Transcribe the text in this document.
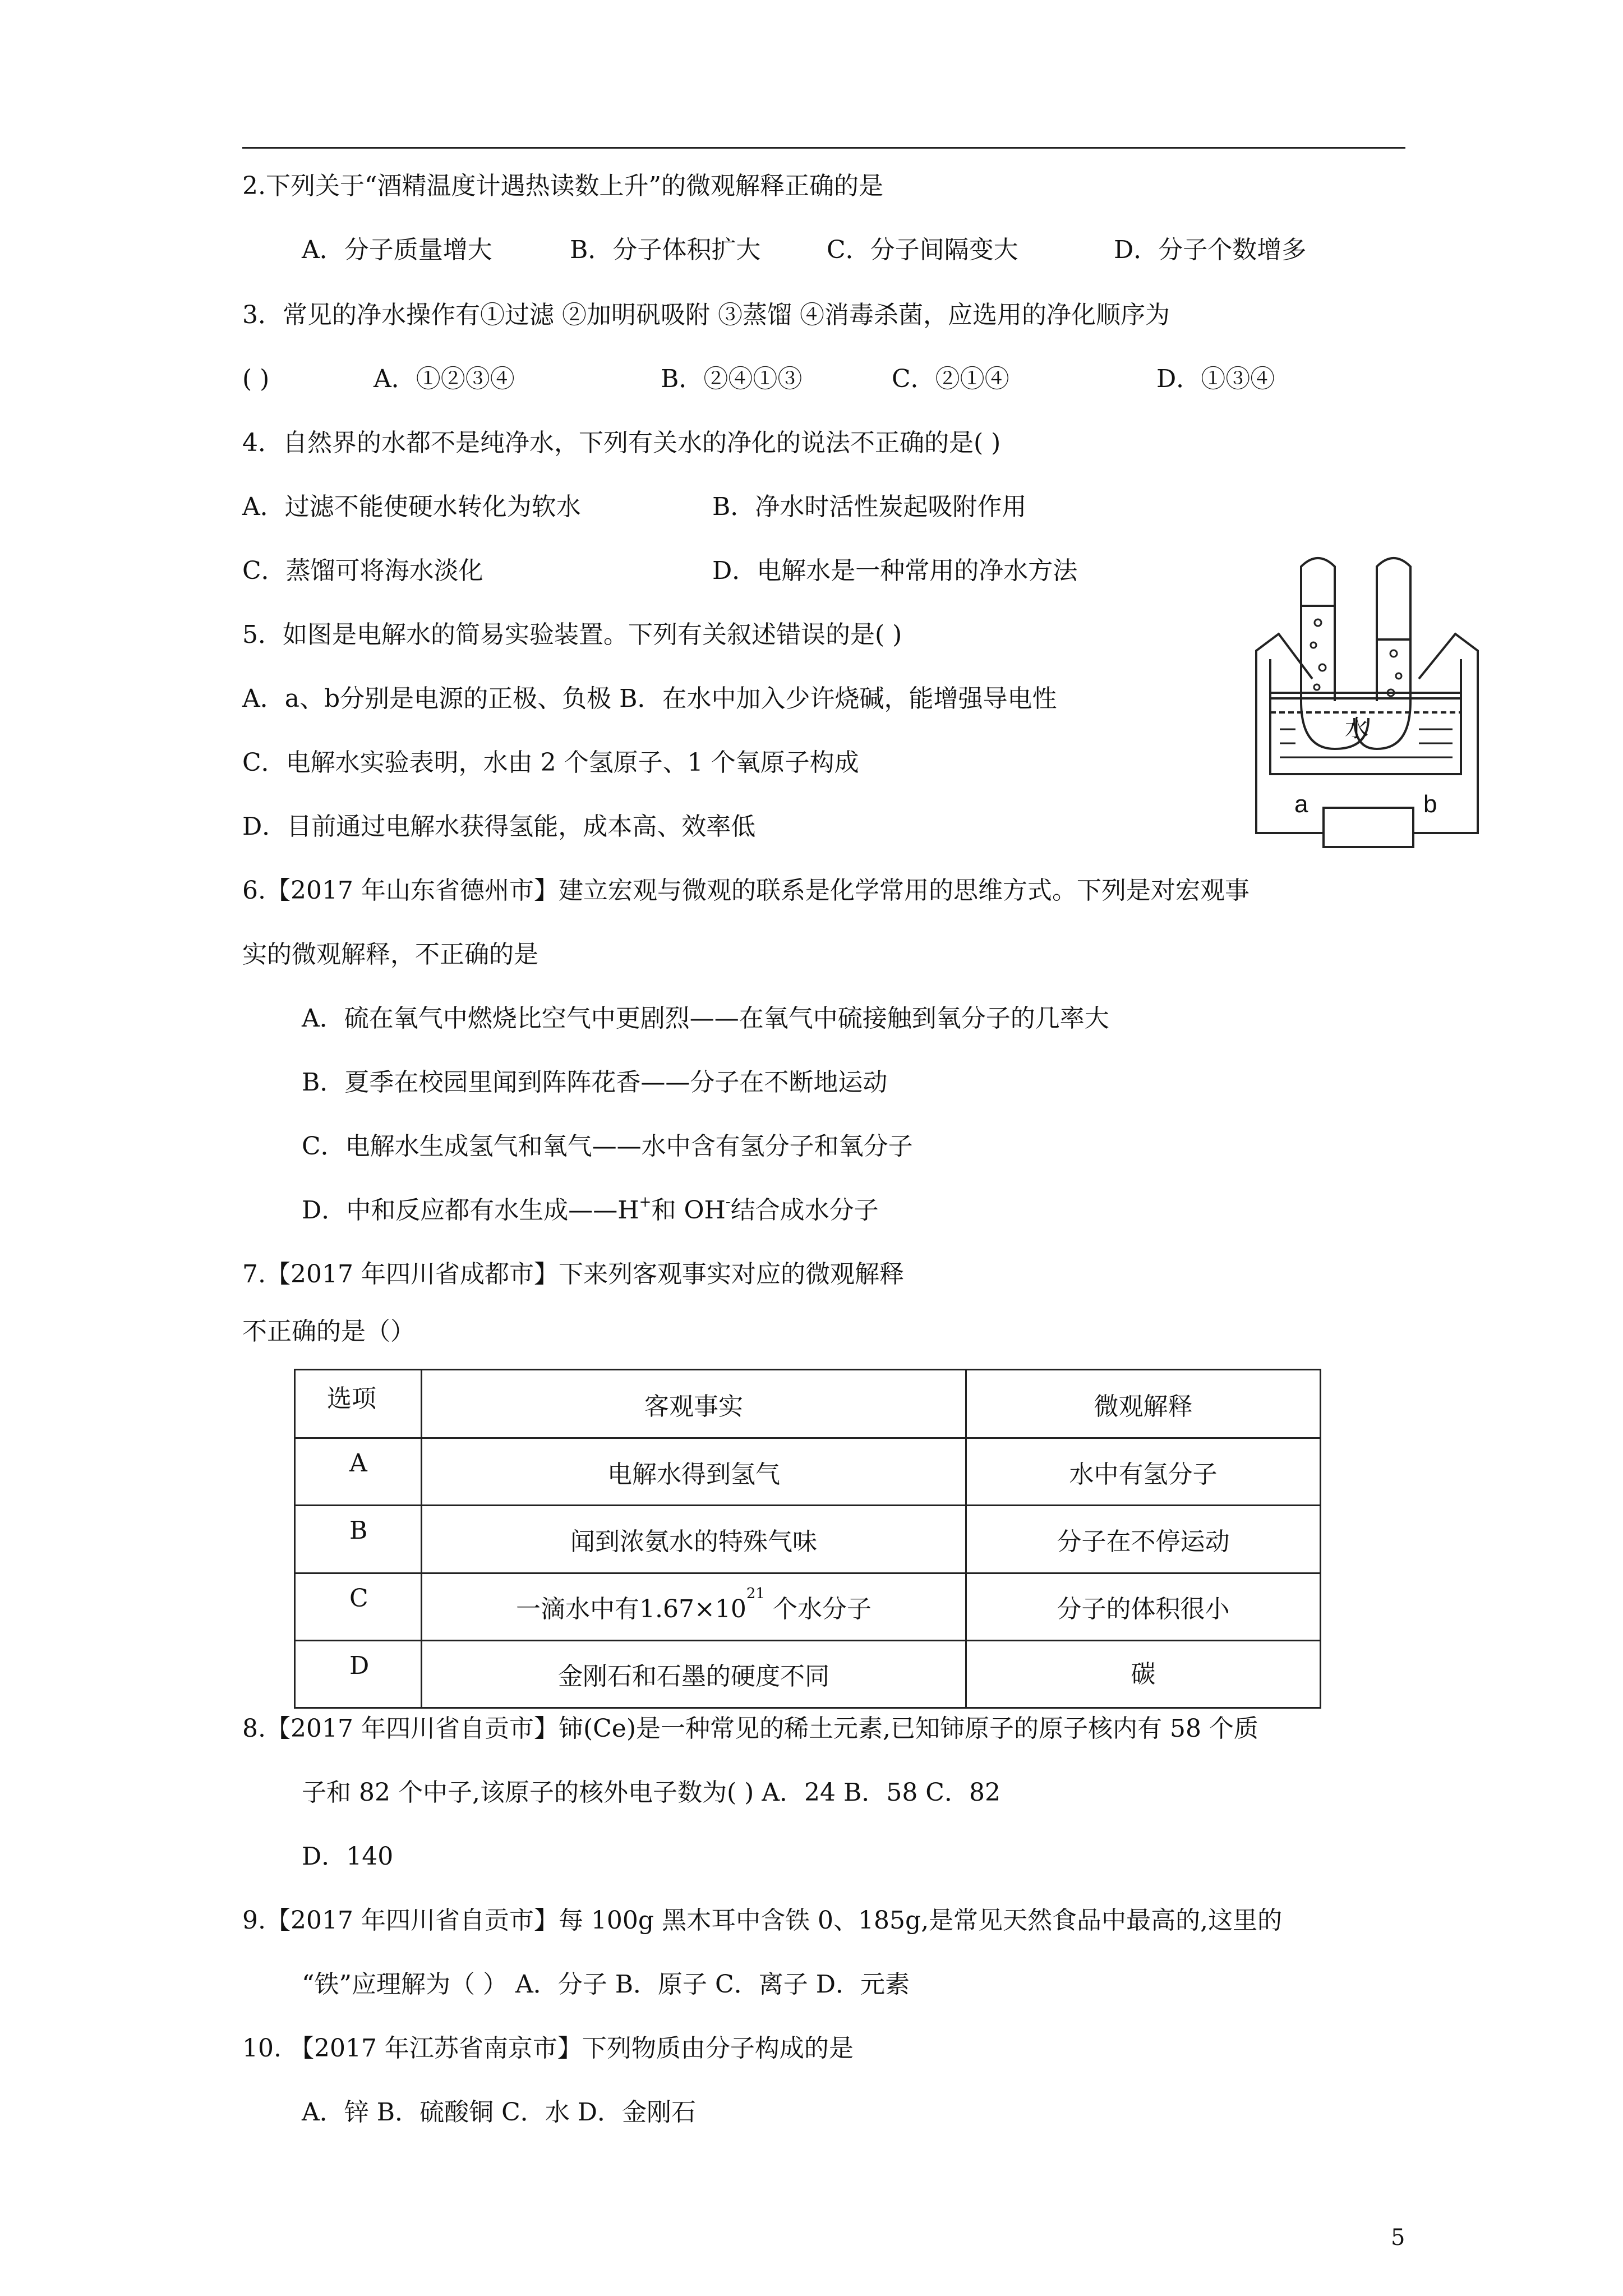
2.下列关于“酒精温度计遇热读数上升”的微观解释正确的是
A．分子质量增大	B．分子体积扩大	C．分子间隔变大	D．分子个数增多
3．常见的净水操作有①过滤 ②加明矾吸附 ③蒸馏 ④消毒杀菌，应选用的净化顺序为
( )	A．①②③④	B．②④①③	C．②①④	D．①③④
4．自然界的水都不是纯净水，下列有关水的净化的说法不正确的是( )
A．过滤不能使硬水转化为软水	B．净水时活性炭起吸附作用
C．蒸馏可将海水淡化	D．电解水是一种常用的净水方法
5．如图是电解水的简易实验装置。下列有关叙述错误的是( )
A．a、b分别是电源的正极、负极 B．在水中加入少许烧碱，能增强导电性
C．电解水实验表明，水由 2 个氢原子、1 个氧原子构成
D．目前通过电解水获得氢能，成本高、效率低
水
a	b
6.【2017 年山东省德州市】建立宏观与微观的联系是化学常用的思维方式。下列是对宏观事
实的微观解释，不正确的是
A．硫在氧气中燃烧比空气中更剧烈——在氧气中硫接触到氧分子的几率大
B．夏季在校园里闻到阵阵花香——分子在不断地运动
C．电解水生成氢气和氧气——水中含有氢分子和氧分子
D．中和反应都有水生成——H+和 OH-结合成水分子
7.【2017 年四川省成都市】下来列客观事实对应的微观解释
不正确的是（）
选项	客观事实	微观解释
A	电解水得到氢气	水中有氢分子
B	闻到浓氨水的特殊气味	分子在不停运动
C	一滴水中有$1.67\times 10^{21}$ 个水分子	分子的体积很小
D	金刚石和石墨的硬度不同	碳
8.【2017 年四川省自贡市】铈(Ce)是一种常见的稀土元素,已知铈原子的原子核内有 58 个质
子和 82 个中子,该原子的核外电子数为( ) A．24 B．58 C．82
D．140
9.【2017 年四川省自贡市】每 100g 黑木耳中含铁 0、185g,是常见天然食品中最高的,这里的
“铁”应理解为（ ） A．分子 B．原子 C．离子 D．元素
10. 【2017 年江苏省南京市】下列物质由分子构成的是
A．锌 B．硫酸铜 C．水 D．金刚石
5
